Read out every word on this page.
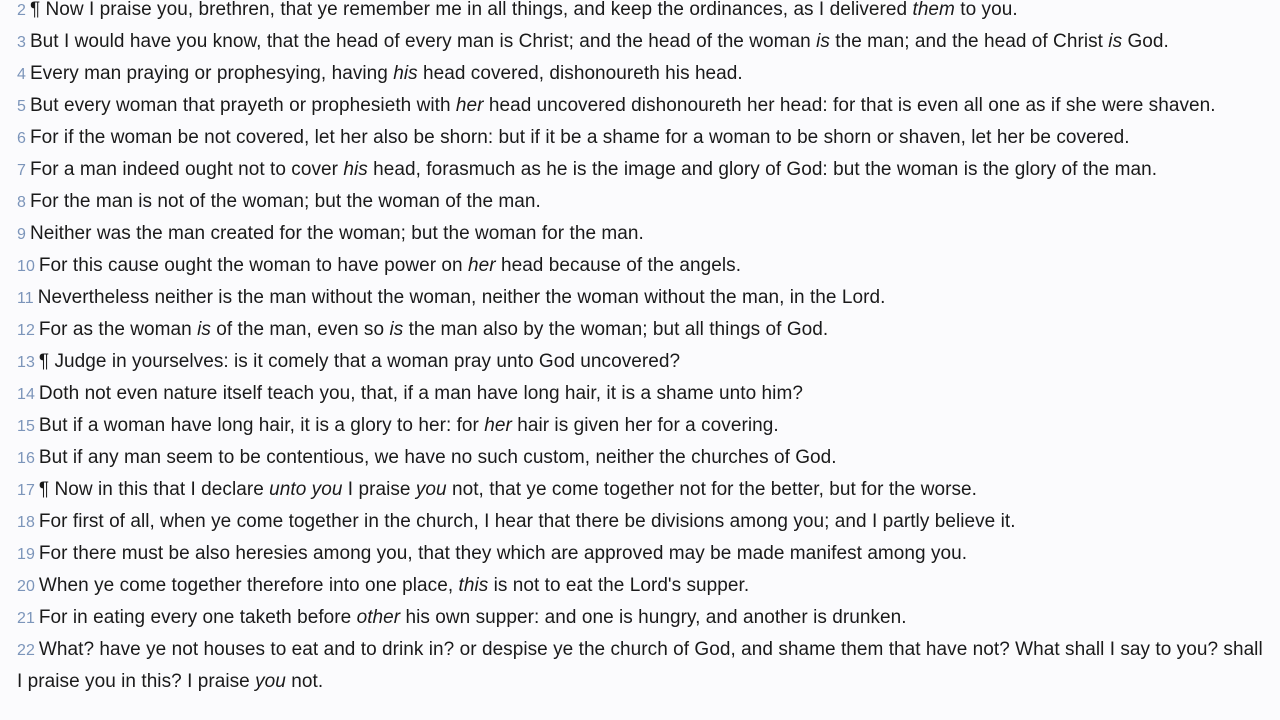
2 ¶ Now I praise you, brethren, that ye remember me in all things, and keep the ordinances, as I delivered them to you.

3 But I would have you know, that the head of every man is Christ; and the head of the woman is the man; and the head of Christ is God.

4 Every man praying or prophesying, having his head covered, dishonoureth his head.

5 But every woman that prayeth or prophesieth with her head uncovered dishonoureth her head: for that is even all one as if she were shaven.

6 For if the woman be not covered, let her also be shorn: but if it be a shame for a woman to be shorn or shaven, let her be covered.

7 For a man indeed ought not to cover his head, forasmuch as he is the image and glory of God: but the woman is the glory of the man.

8 For the man is not of the woman; but the woman of the man.

9 Neither was the man created for the woman; but the woman for the man.

10 For this cause ought the woman to have power on her head because of the angels.

11 Nevertheless neither is the man without the woman, neither the woman without the man, in the Lord.

12 For as the woman is of the man, even so is the man also by the woman; but all things of God.

13 ¶ Judge in yourselves: is it comely that a woman pray unto God uncovered?

14 Doth not even nature itself teach you, that, if a man have long hair, it is a shame unto him?

15 But if a woman have long hair, it is a glory to her: for her hair is given her for a covering.

16 But if any man seem to be contentious, we have no such custom, neither the churches of God.

17 ¶ Now in this that I declare unto you I praise you not, that ye come together not for the better, but for the worse.

18 For first of all, when ye come together in the church, I hear that there be divisions among you; and I partly believe it.

19 For there must be also heresies among you, that they which are approved may be made manifest among you.

20 When ye come together therefore into one place, this is not to eat the Lord's supper.

21 For in eating every one taketh before other his own supper: and one is hungry, and another is drunken.

22 What? have ye not houses to eat and to drink in? or despise ye the church of God, and shame them that have not? What shall I say to you? shall I praise you in this? I praise you not.
